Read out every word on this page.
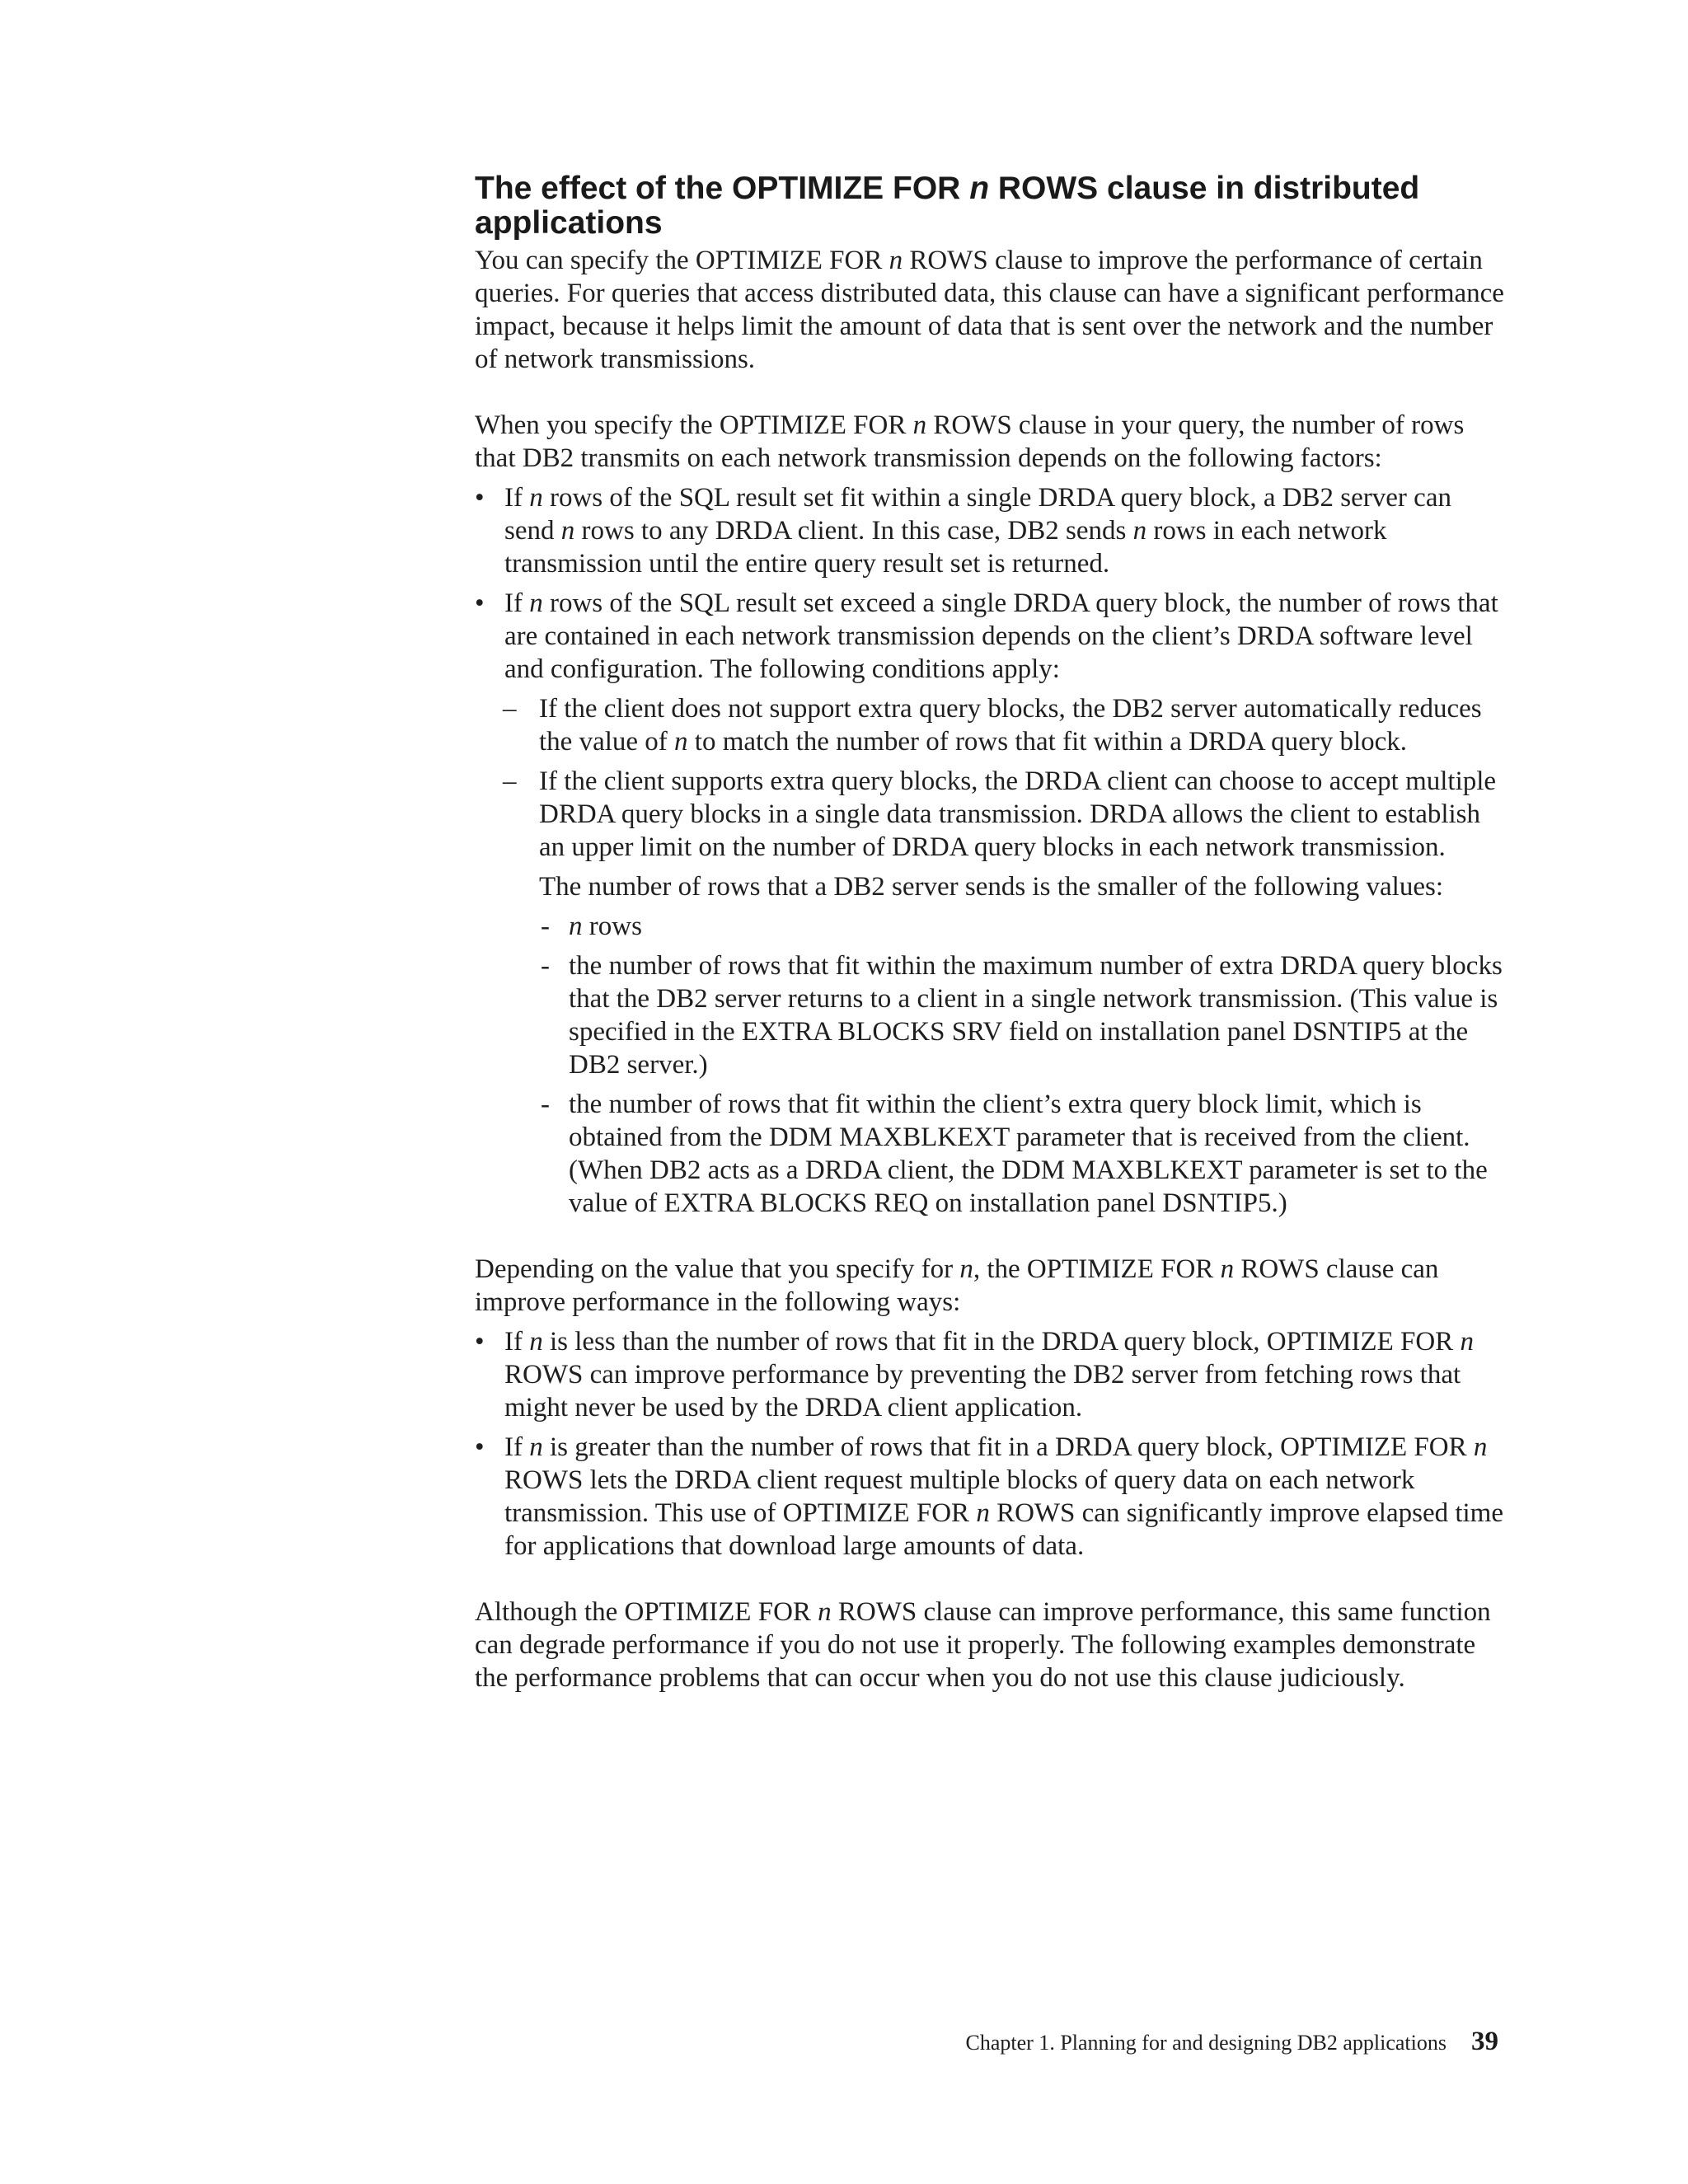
The effect of the OPTIMIZE FOR n ROWS clause in distributed applications

You can specify the OPTIMIZE FOR n ROWS clause to improve the performance of certain queries. For queries that access distributed data, this clause can have a significant performance impact, because it helps limit the amount of data that is sent over the network and the number of network transmissions.

When you specify the OPTIMIZE FOR n ROWS clause in your query, the number of rows that DB2 transmits on each network transmission depends on the following factors:

• If n rows of the SQL result set fit within a single DRDA query block, a DB2 server can send n rows to any DRDA client. In this case, DB2 sends n rows in each network transmission until the entire query result set is returned.
• If n rows of the SQL result set exceed a single DRDA query block, the number of rows that are contained in each network transmission depends on the client’s DRDA software level and configuration. The following conditions apply:
– If the client does not support extra query blocks, the DB2 server automatically reduces the value of n to match the number of rows that fit within a DRDA query block.
– If the client supports extra query blocks, the DRDA client can choose to accept multiple DRDA query blocks in a single data transmission. DRDA allows the client to establish an upper limit on the number of DRDA query blocks in each network transmission.

The number of rows that a DB2 server sends is the smaller of the following values:

- n rows
- the number of rows that fit within the maximum number of extra DRDA query blocks that the DB2 server returns to a client in a single network transmission. (This value is specified in the EXTRA BLOCKS SRV field on installation panel DSNTIP5 at the DB2 server.)
- the number of rows that fit within the client’s extra query block limit, which is obtained from the DDM MAXBLKEXT parameter that is received from the client. (When DB2 acts as a DRDA client, the DDM MAXBLKEXT parameter is set to the value of EXTRA BLOCKS REQ on installation panel DSNTIP5.)

Depending on the value that you specify for n, the OPTIMIZE FOR n ROWS clause can improve performance in the following ways:

• If n is less than the number of rows that fit in the DRDA query block, OPTIMIZE FOR n ROWS can improve performance by preventing the DB2 server from fetching rows that might never be used by the DRDA client application.
• If n is greater than the number of rows that fit in a DRDA query block, OPTIMIZE FOR n ROWS lets the DRDA client request multiple blocks of query data on each network transmission. This use of OPTIMIZE FOR n ROWS can significantly improve elapsed time for applications that download large amounts of data.

Although the OPTIMIZE FOR n ROWS clause can improve performance, this same function can degrade performance if you do not use it properly. The following examples demonstrate the performance problems that can occur when you do not use this clause judiciously.

Chapter 1. Planning for and designing DB2 applications 39
